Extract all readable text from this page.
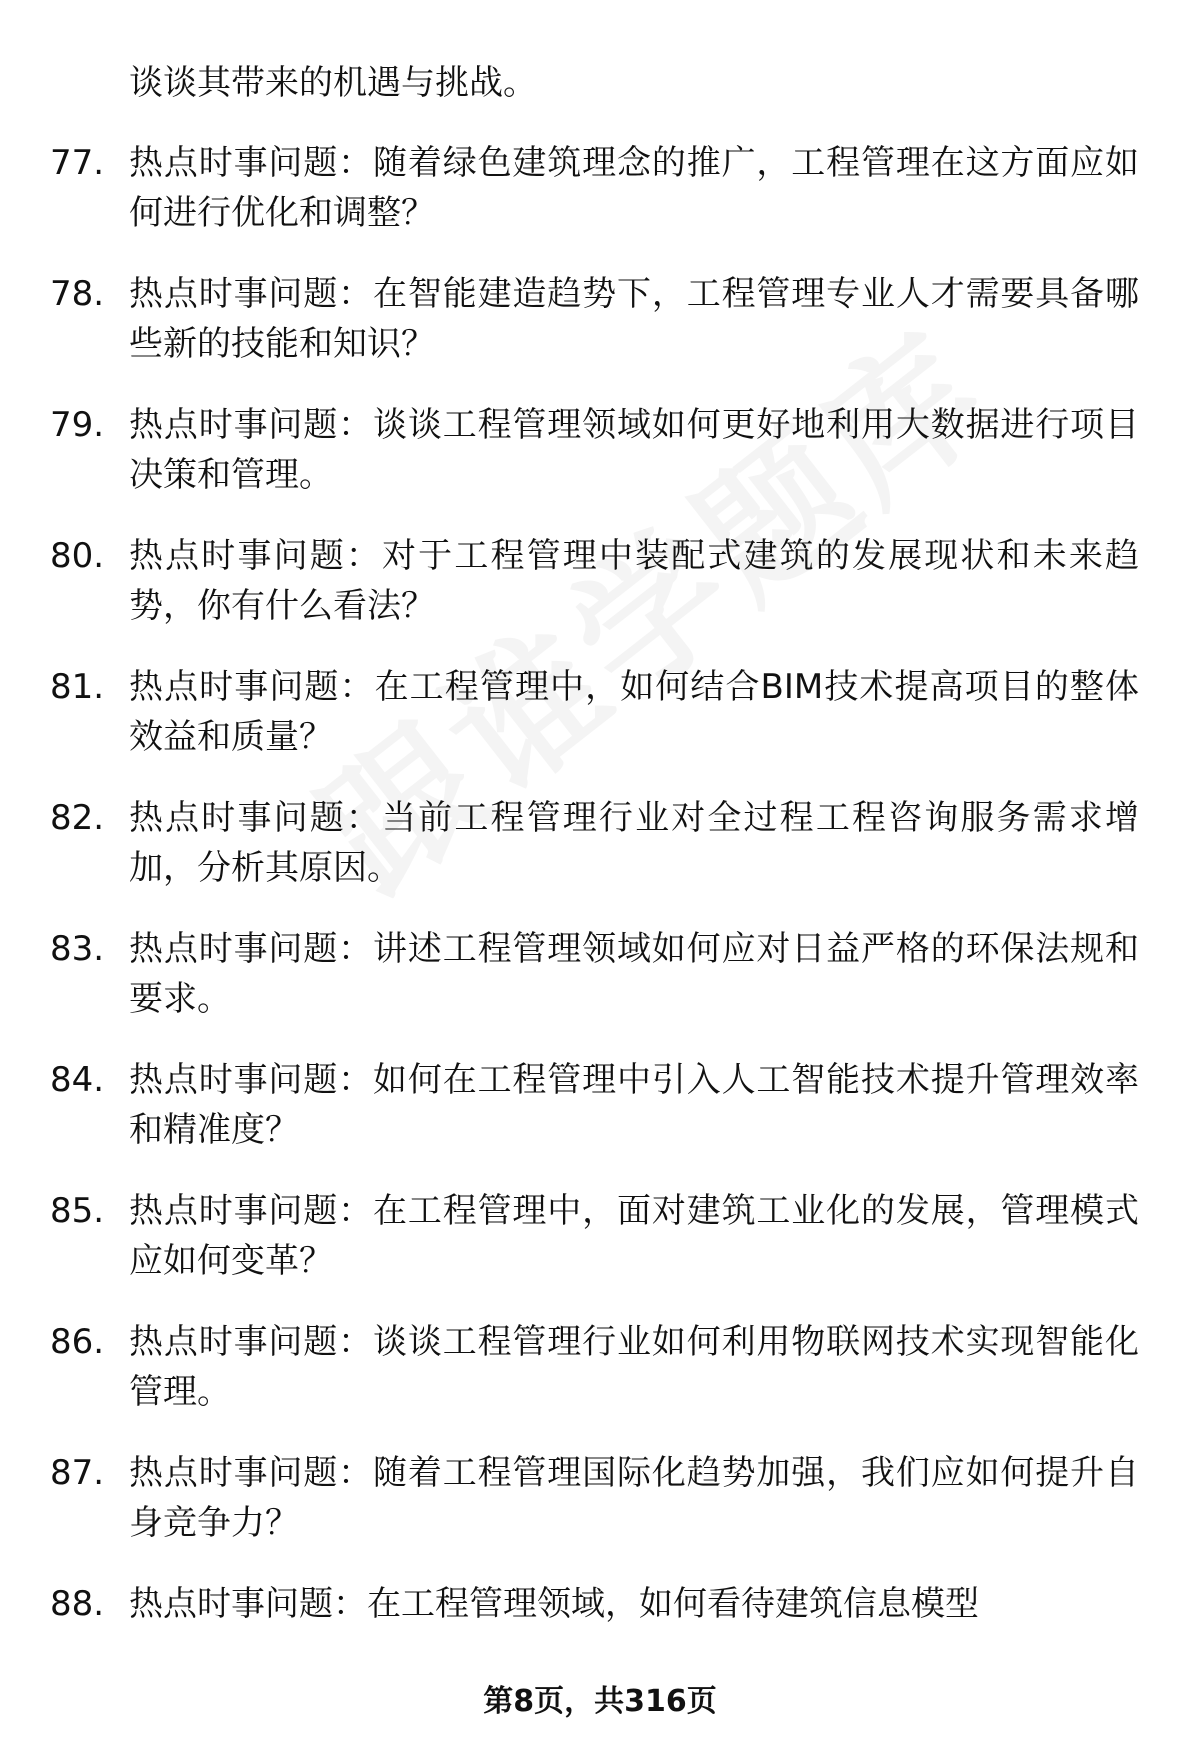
谈谈其带来的机遇与挑战。
77. 热点时事问题：随着绿色建筑理念的推广，工程管理在这方面应如何进行优化和调整？
78. 热点时事问题：在智能建造趋势下，工程管理专业人才需要具备哪些新的技能和知识？
79. 热点时事问题：谈谈工程管理领域如何更好地利用大数据进行项目决策和管理。
80. 热点时事问题：对于工程管理中装配式建筑的发展现状和未来趋势，你有什么看法？
81. 热点时事问题：在工程管理中，如何结合BIM技术提高项目的整体效益和质量？
82. 热点时事问题：当前工程管理行业对全过程工程咨询服务需求增加，分析其原因。
83. 热点时事问题：讲述工程管理领域如何应对日益严格的环保法规和要求。
84. 热点时事问题：如何在工程管理中引入人工智能技术提升管理效率和精准度？
85. 热点时事问题：在工程管理中，面对建筑工业化的发展，管理模式应如何变革？
86. 热点时事问题：谈谈工程管理行业如何利用物联网技术实现智能化管理。
87. 热点时事问题：随着工程管理国际化趋势加强，我们应如何提升自身竞争力？
88. 热点时事问题：在工程管理领域，如何看待建筑信息模型
第8页，共316页
